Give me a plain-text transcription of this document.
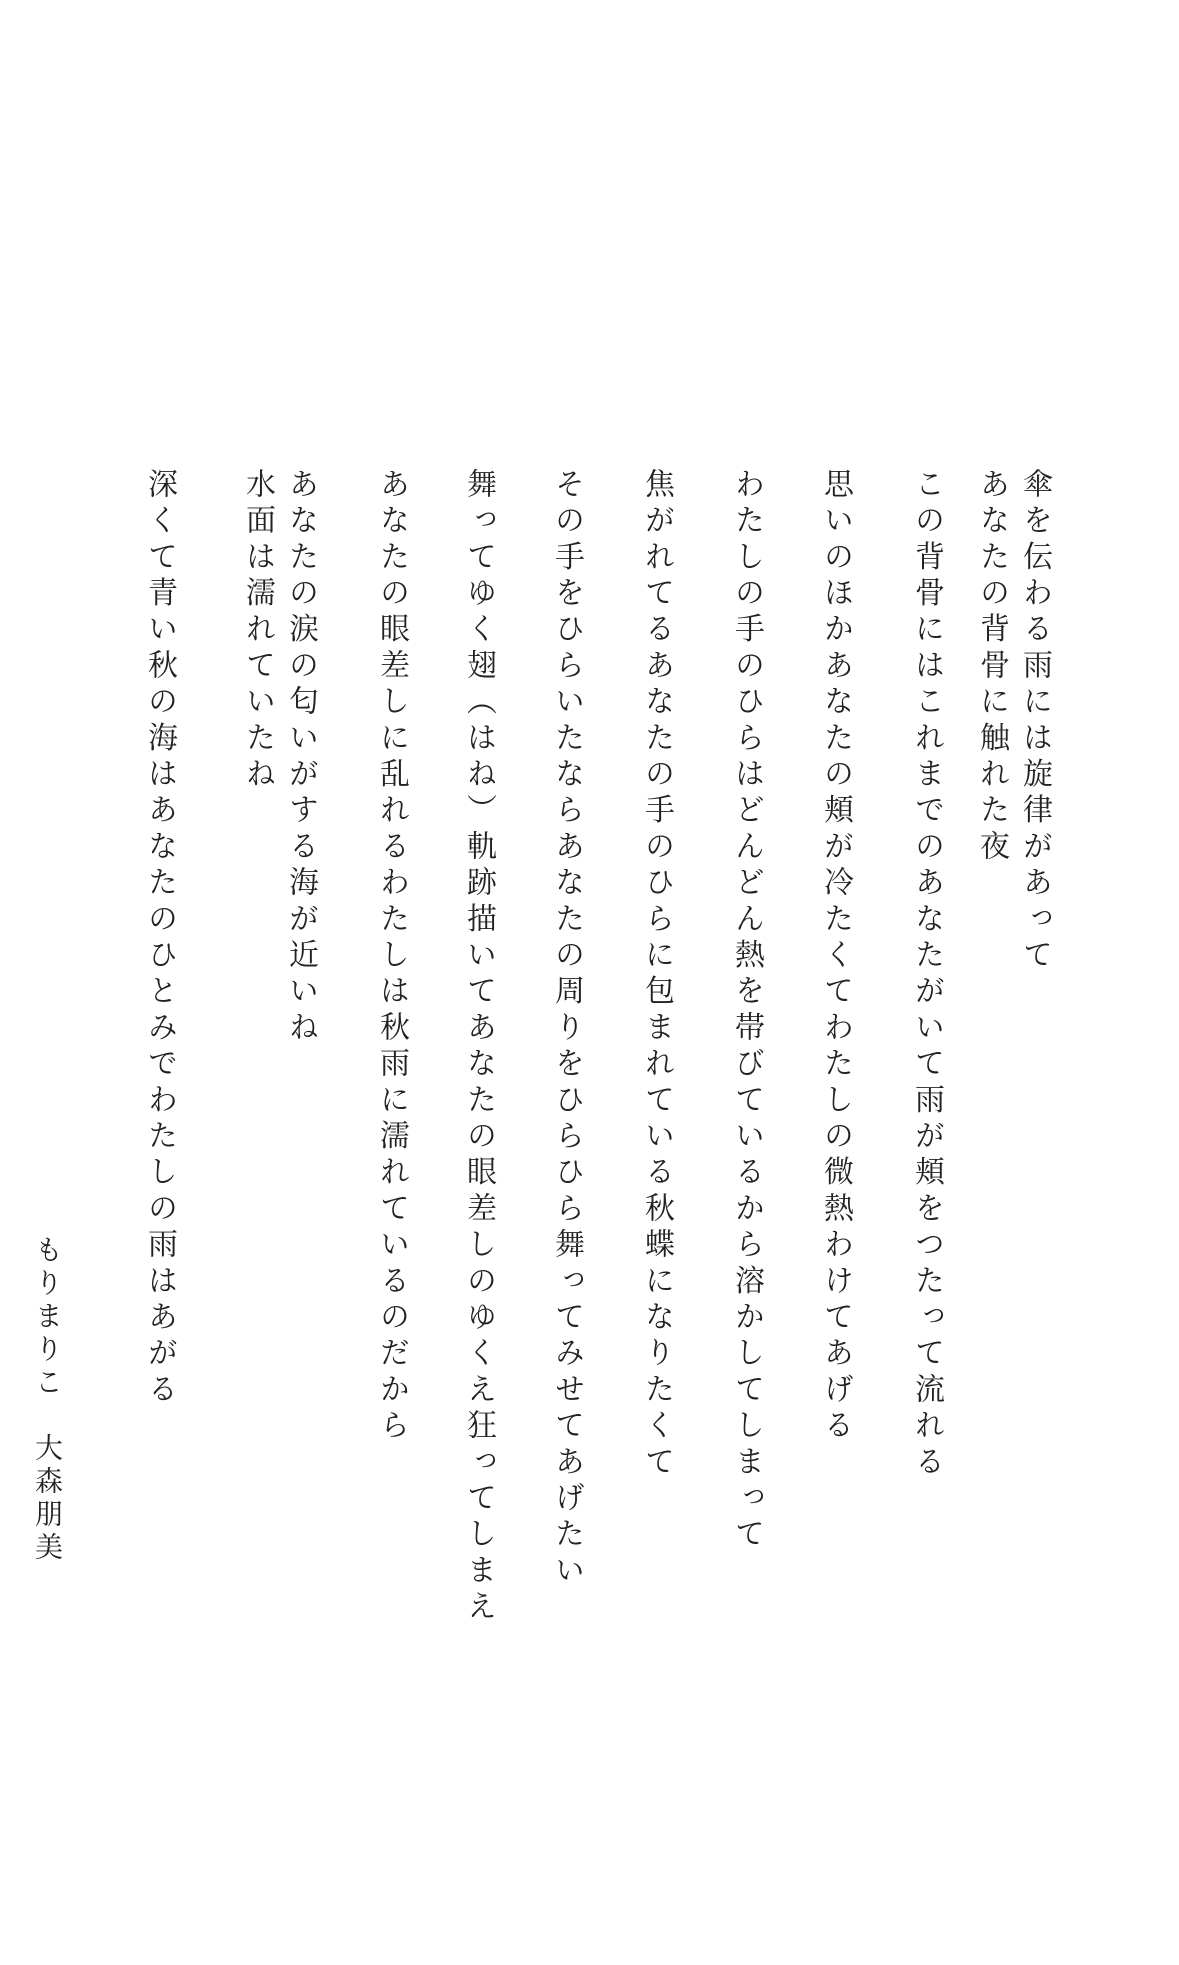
傘を伝わる雨には旋律があって
あなたの背骨に触れた夜
この背骨にはこれまでのあなたがいて雨が頬をつたって流れる
思いのほかあなたの頬が冷たくてわたしの微熱わけてあげる
わたしの手のひらはどんどん熱を帯びているから溶かしてしまって
焦がれてるあなたの手のひらに包まれている秋蝶になりたくて
その手をひらいたならあなたの周りをひらひら舞ってみせてあげたい
舞ってゆく翅（はね）軌跡描いてあなたの眼差しのゆくえ狂ってしまえ
あなたの眼差しに乱れるわたしは秋雨に濡れているのだから
あなたの涙の匂いがする海が近いね
水面は濡れていたね
深くて青い秋の海はあなたのひとみでわたしの雨はあがる
もりまりこ　大森朋美
